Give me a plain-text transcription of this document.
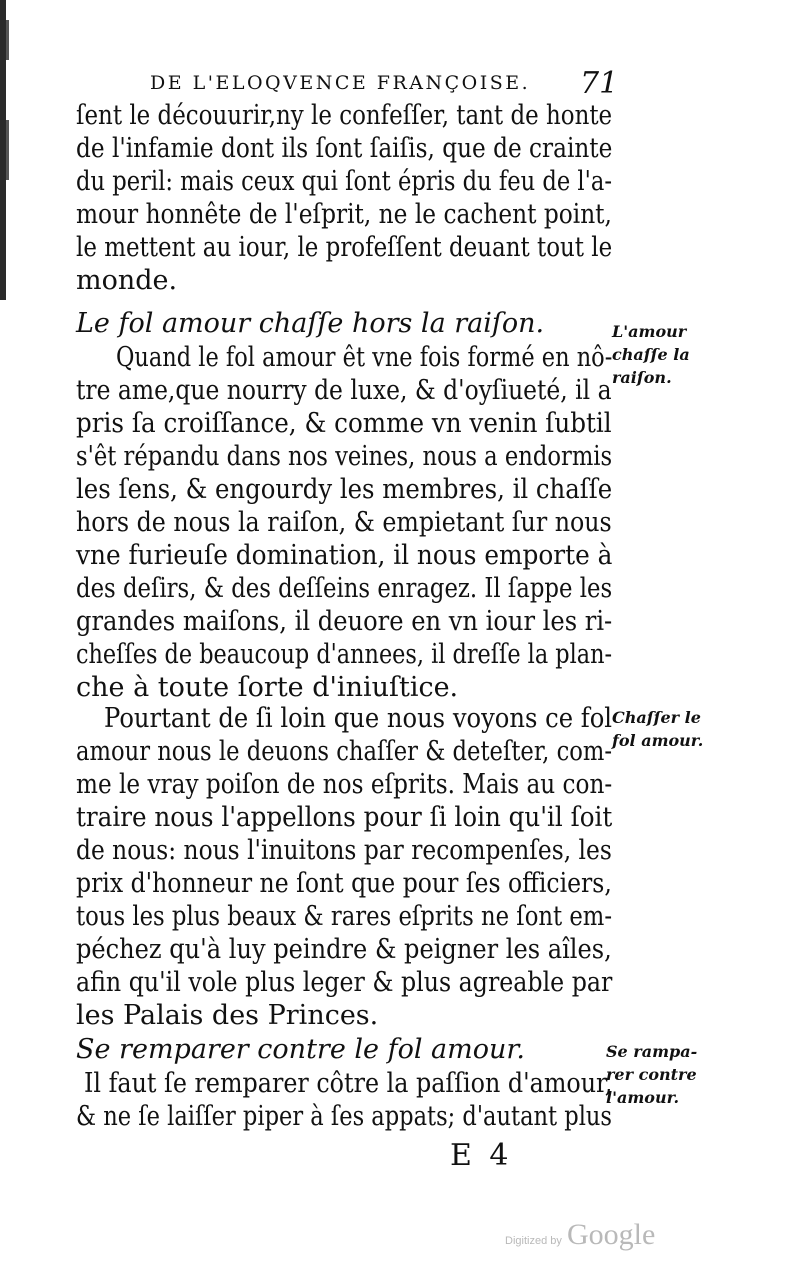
DE L'ELOQVENCE FRANÇOISE. 71
ſent le découurir,ny le confeſſer, tant de honte
de l'infamie dont ils ſont ſaiſis, que de crainte
du peril: mais ceux qui ſont épris du feu de l'a-
mour honnête de l'eſprit, ne le cachent point,
le mettent au iour, le profeſſent deuant tout le
monde.
Le fol amour chaſſe hors la raiſon.	L'amour
chaſſe la
raiſon.
Quand le fol amour êt vne fois formé en nô-
tre ame,que nourry de luxe, & d'oyſiueté, il a
pris ſa croiſſance, & comme vn venin ſubtil
s'êt répandu dans nos veines, nous a endormis
les ſens, & engourdy les membres, il chaſſe
hors de nous la raiſon, & empietant ſur nous
vne furieuſe domination, il nous emporte à
des deſirs, & des deſſeins enragez. Il ſappe les
grandes maiſons, il deuore en vn iour les ri-
cheſſes de beaucoup d'annees, il dreſſe la plan-
che à toute ſorte d'iniuſtice.
Chaſſer le
fol amour.
Pourtant de ſi loin que nous voyons ce fol
amour nous le deuons chaſſer & deteſter, com-
me le vray poiſon de nos eſprits. Mais au con-
traire nous l'appellons pour ſi loin qu'il ſoit
de nous: nous l'inuitons par recompenſes, les
prix d'honneur ne ſont que pour ſes officiers,
tous les plus beaux & rares eſprits ne ſont em-
péchez qu'à luy peindre & peigner les aîles,
afin qu'il vole plus leger & plus agreable par
les Palais des Princes.
Se remparer contre le fol amour.	Se rampa-
rer contre
l'amour.
Il faut ſe remparer côtre la paſſion d'amour,
& ne ſe laiſſer piper à ſes appats; d'autant plus
E 4
Digitized by Google
